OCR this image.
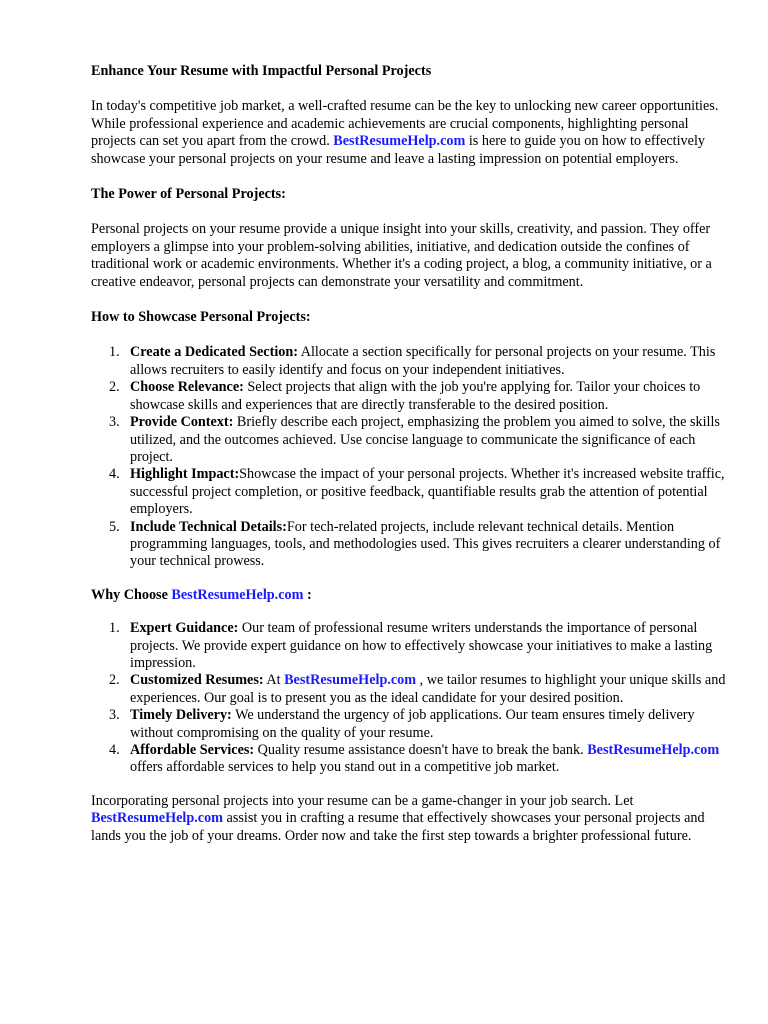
Enhance Your Resume with Impactful Personal Projects

In today's competitive job market, a well-crafted resume can be the key to unlocking new career opportunities. While professional experience and academic achievements are crucial components, highlighting personal projects can set you apart from the crowd. BestResumeHelp.com is here to guide you on how to effectively showcase your personal projects on your resume and leave a lasting impression on potential employers.

The Power of Personal Projects:

Personal projects on your resume provide a unique insight into your skills, creativity, and passion. They offer employers a glimpse into your problem-solving abilities, initiative, and dedication outside the confines of traditional work or academic environments. Whether it's a coding project, a blog, a community initiative, or a creative endeavor, personal projects can demonstrate your versatility and commitment.

How to Showcase Personal Projects:

1. Create a Dedicated Section: Allocate a section specifically for personal projects on your resume. This allows recruiters to easily identify and focus on your independent initiatives.
2. Choose Relevance: Select projects that align with the job you're applying for. Tailor your choices to showcase skills and experiences that are directly transferable to the desired position.
3. Provide Context: Briefly describe each project, emphasizing the problem you aimed to solve, the skills utilized, and the outcomes achieved. Use concise language to communicate the significance of each project.
4. Highlight Impact:Showcase the impact of your personal projects. Whether it's increased website traffic, successful project completion, or positive feedback, quantifiable results grab the attention of potential employers.
5. Include Technical Details:For tech-related projects, include relevant technical details. Mention programming languages, tools, and methodologies used. This gives recruiters a clearer understanding of your technical prowess.

Why Choose BestResumeHelp.com :

1. Expert Guidance: Our team of professional resume writers understands the importance of personal projects. We provide expert guidance on how to effectively showcase your initiatives to make a lasting impression.
2. Customized Resumes: At BestResumeHelp.com , we tailor resumes to highlight your unique skills and experiences. Our goal is to present you as the ideal candidate for your desired position.
3. Timely Delivery: We understand the urgency of job applications. Our team ensures timely delivery without compromising on the quality of your resume.
4. Affordable Services: Quality resume assistance doesn't have to break the bank. BestResumeHelp.com offers affordable services to help you stand out in a competitive job market.

Incorporating personal projects into your resume can be a game-changer in your job search. Let BestResumeHelp.com assist you in crafting a resume that effectively showcases your personal projects and lands you the job of your dreams. Order now and take the first step towards a brighter professional future.
